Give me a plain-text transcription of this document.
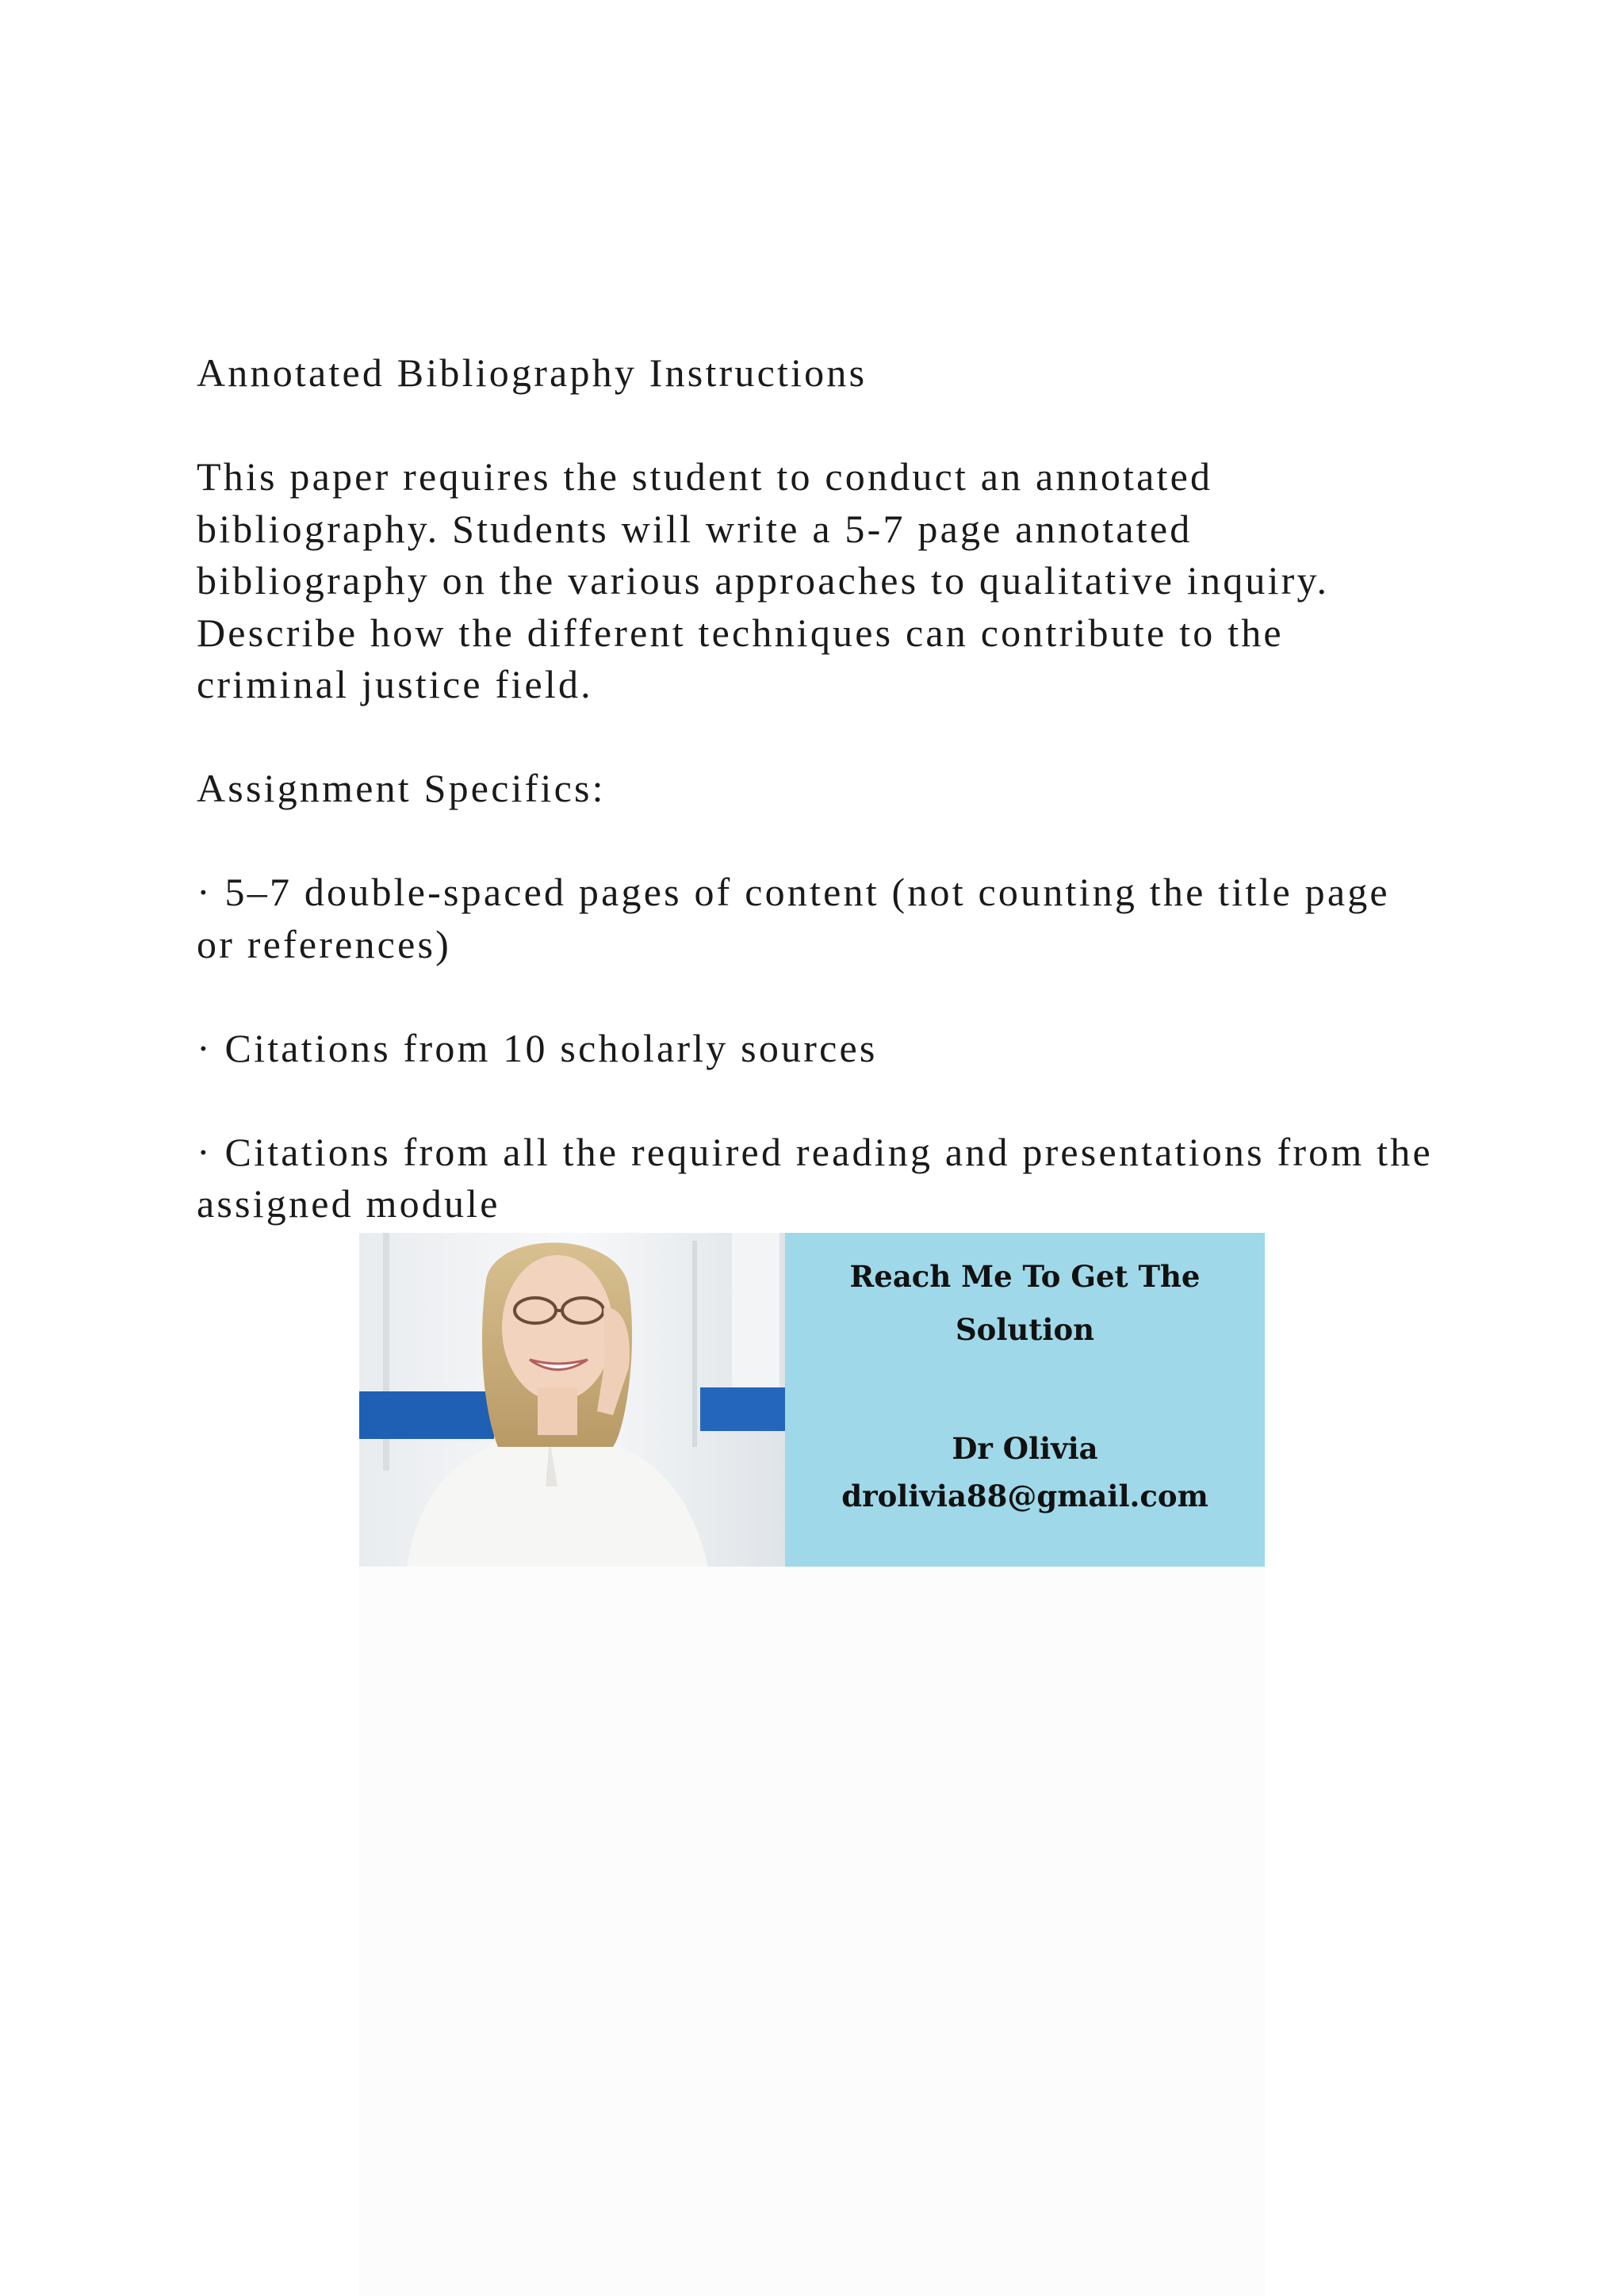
Annotated Bibliography Instructions

This paper requires the student to conduct an annotated bibliography. Students will write a 5-7 page annotated bibliography on the various approaches to qualitative inquiry. Describe how the different techniques can contribute to the criminal justice field.

Assignment Specifics:

· 5–7 double-spaced pages of content (not counting the title page or references)

· Citations from 10 scholarly sources

· Citations from all the required reading and presentations from the assigned module

Reach Me To Get The
Solution
Dr Olivia
drolivia88@gmail.com
